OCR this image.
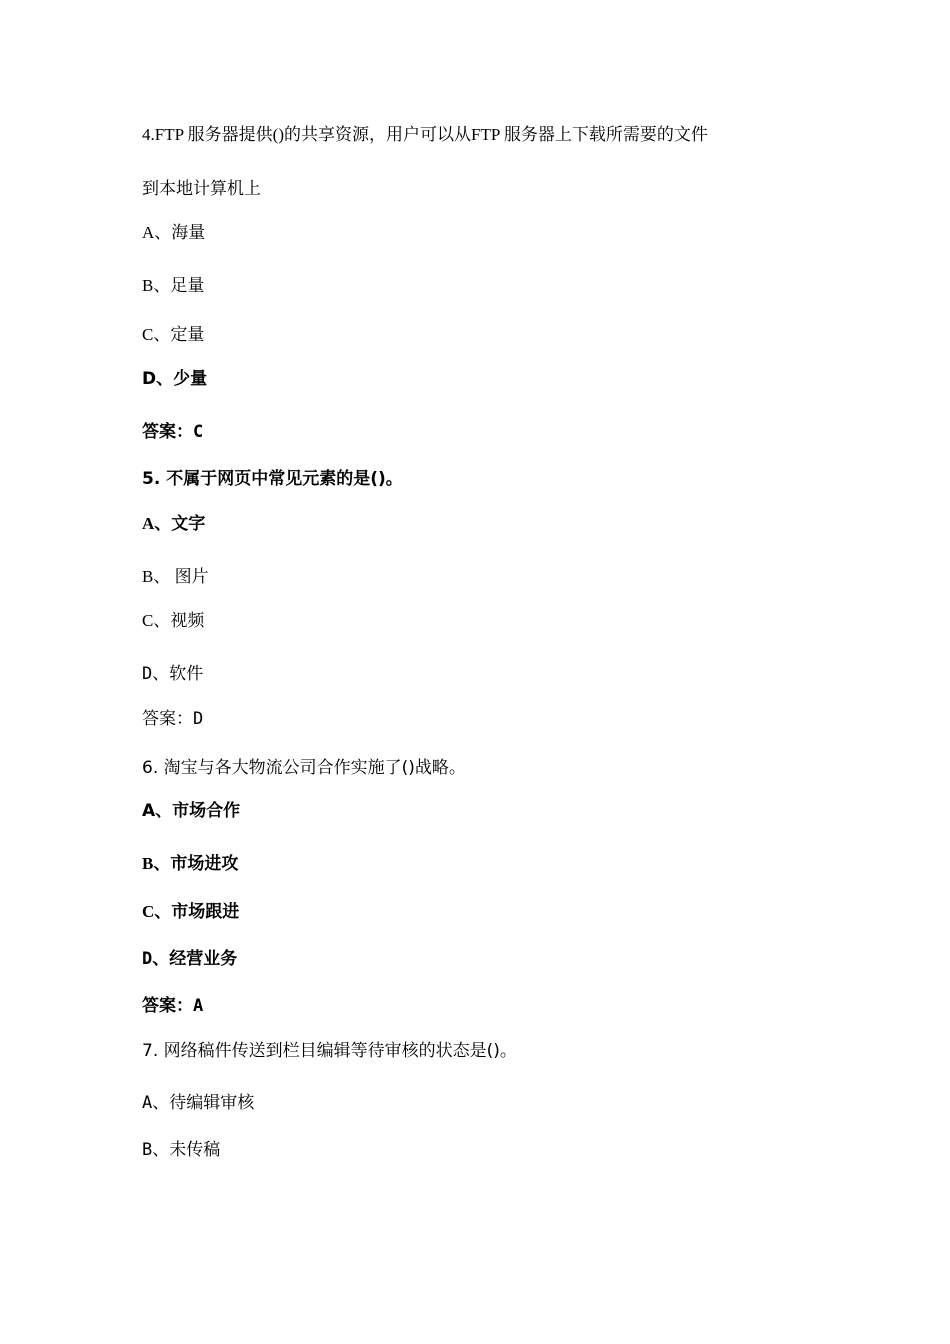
4.FTP 服务器提供()的共享资源，用户可以从FTP 服务器上下载所需要的文件
到本地计算机上
A、海量
B、足量
C、定量
D、少量
答案：C
5. 不属于网页中常见元素的是()。
A、文字
B、 图片
C、视频
D、软件
答案：D
6. 淘宝与各大物流公司合作实施了()战略。
A、市场合作
B、市场进攻
C、市场跟进
D、经营业务
答案：A
7. 网络稿件传送到栏目编辑等待审核的状态是()。
A、待编辑审核
B、未传稿
